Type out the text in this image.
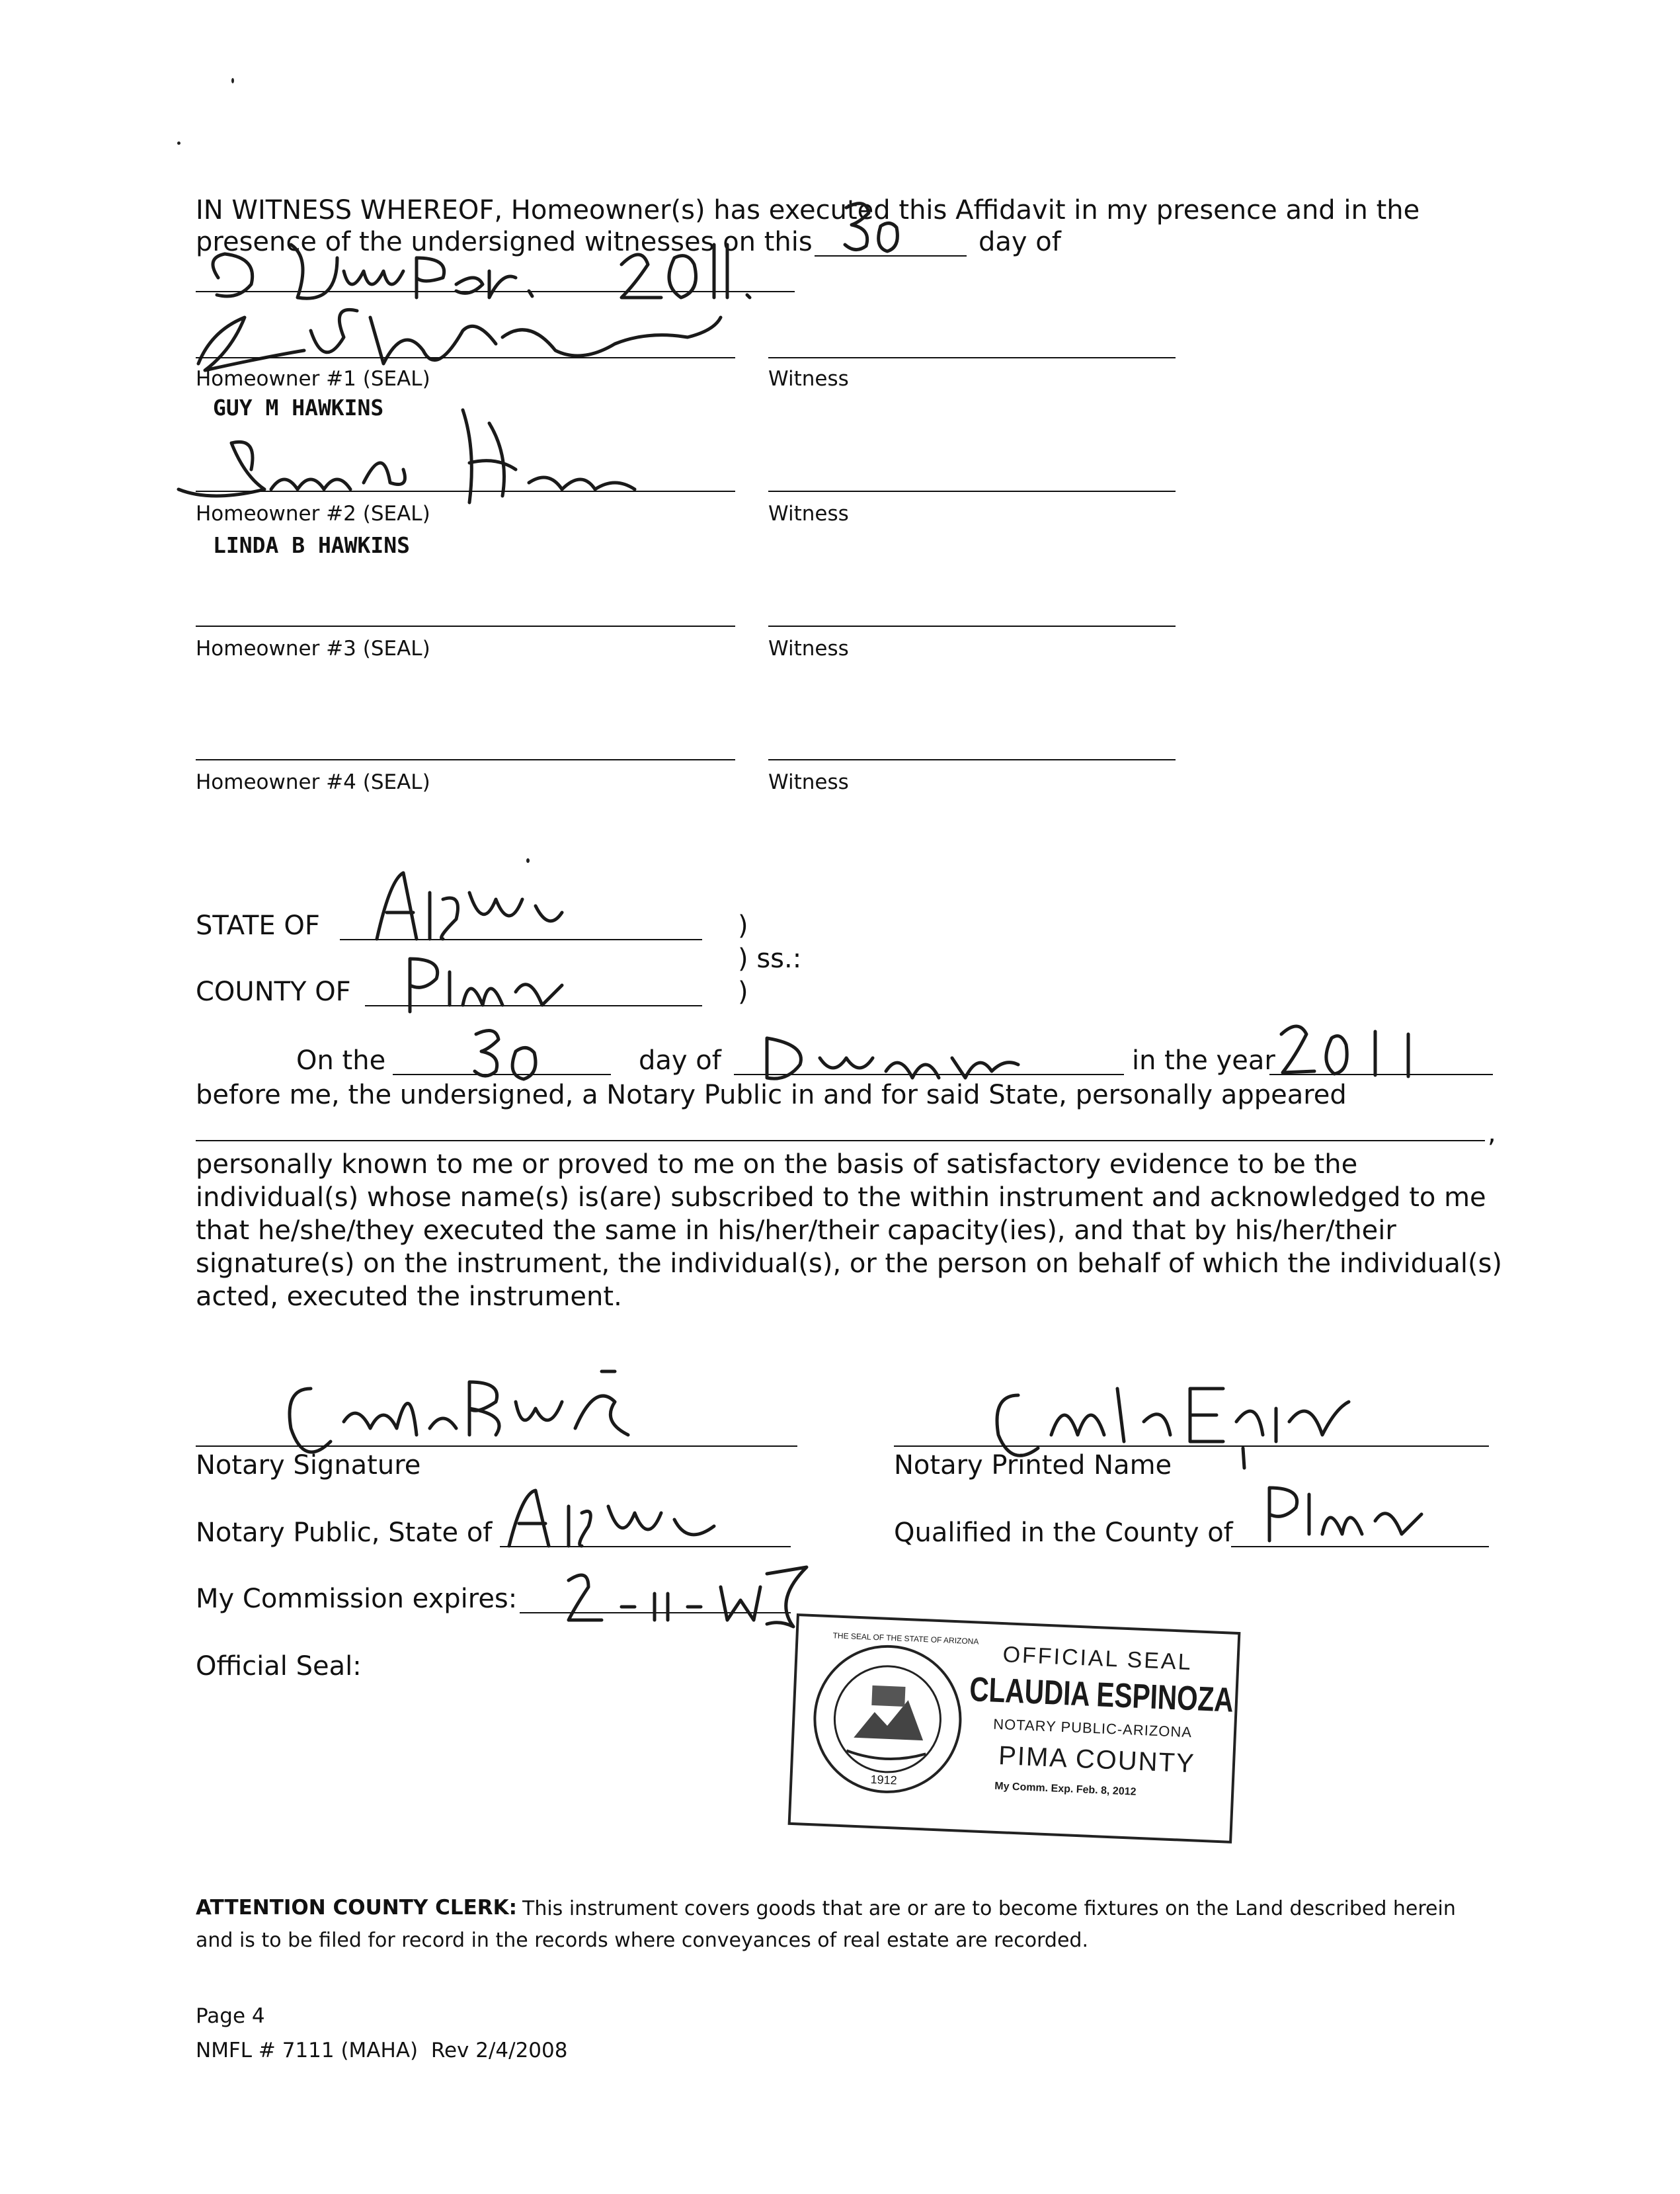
IN WITNESS WHEREOF, Homeowner(s) has executed this Affidavit in my presence and in the
presence of the undersigned witnesses on this	day of
Homeowner #1 (SEAL)	Witness
GUY M HAWKINS
Homeowner #2 (SEAL)	Witness
LINDA B HAWKINS
Homeowner #3 (SEAL)	Witness
Homeowner #4 (SEAL)	Witness
STATE OF	)
) ss.:
COUNTY OF	)
On the	day of	in the year
before me, the undersigned, a Notary Public in and for said State, personally appeared
,
personally known to me or proved to me on the basis of satisfactory evidence to be the individual(s) whose name(s) is(are) subscribed to the within instrument and acknowledged to me that he/she/they executed the same in his/her/their capacity(ies), and that by his/her/their signature(s) on the instrument, the individual(s), or the person on behalf of which the individual(s) acted, executed the instrument.
Notary Signature	Notary Printed Name
Notary Public, State of	Qualified in the County of
My Commission expires:
Official Seal:
THE SEAL OF THE STATE OF ARIZONA
1912
OFFICIAL SEAL
CLAUDIA ESPINOZA
NOTARY PUBLIC-ARIZONA
PIMA COUNTY
My Comm. Exp. Feb. 8, 2012
ATTENTION COUNTY CLERK: This instrument covers goods that are or are to become fixtures on the Land described herein
and is to be filed for record in the records where conveyances of real estate are recorded.
Page 4
NMFL # 7111 (MAHA)  Rev 2/4/2008
